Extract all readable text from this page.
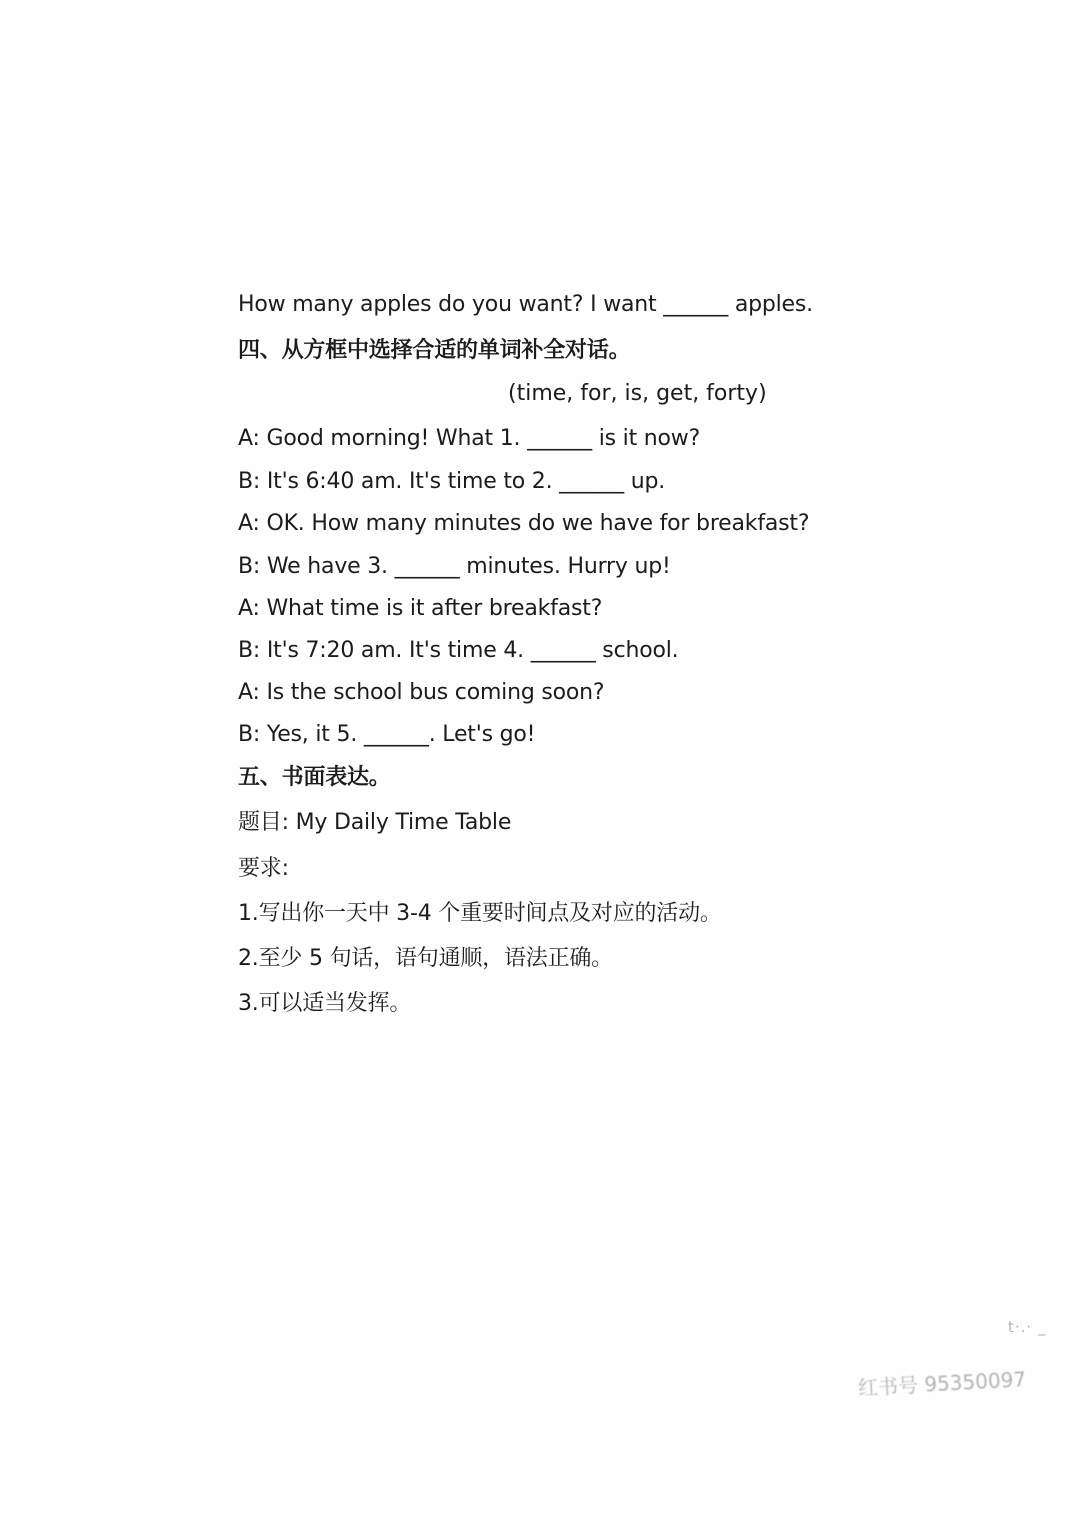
How many apples do you want? I want ______ apples.
四、从方框中选择合适的单词补全对话。
(time, for, is, get, forty)
A: Good morning! What 1. ______ is it now?
B: It's 6:40 am. It's time to 2. ______ up.
A: OK. How many minutes do we have for breakfast?
B: We have 3. ______ minutes. Hurry up!
A: What time is it after breakfast?
B: It's 7:20 am. It's time 4. ______ school.
A: Is the school bus coming soon?
B: Yes, it 5. ______. Let's go!
五、书面表达。
题目: My Daily Time Table
要求:
1.写出你一天中 3-4 个重要时间点及对应的活动。
2.至少 5 句话，语句通顺，语法正确。
3.可以适当发挥。
t·.· _
红书号 95350097
